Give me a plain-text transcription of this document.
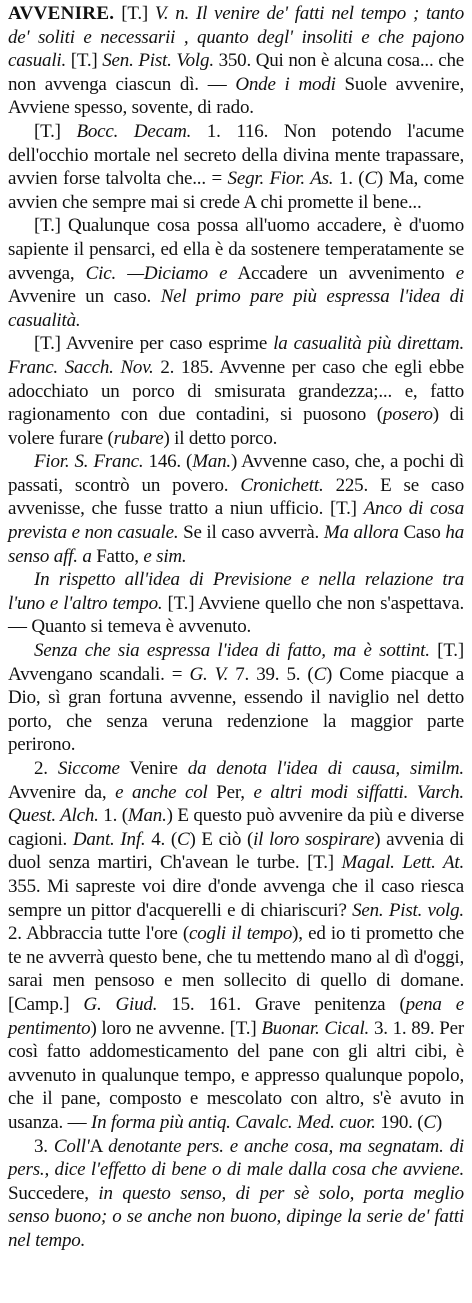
AVVENIRE. [T.] V. n. Il venire de' fatti nel tempo ; tanto de' soliti e necessarii , quanto degl' insoliti e che pajono casuali. [T.] Sen. Pist. Volg. 350. Qui non è alcuna cosa... che non avvenga ciascun dì. — Onde i modi Suole avvenire, Avviene spesso, sovente, di rado.

[T.] Bocc. Decam. 1. 116. Non potendo l'acume dell'occhio mortale nel secreto della divina mente trapassare, avvien forse talvolta che... = Segr. Fior. As. 1. (C) Ma, come avvien che sempre mai si crede A chi promette il bene...

[T.] Qualunque cosa possa all'uomo accadere, è d'uomo sapiente il pensarci, ed ella è da sostenere temperatamente se avvenga, Cic. —Diciamo e Accadere un avvenimento e Avvenire un caso. Nel primo pare più espressa l'idea di casualità.

[T.] Avvenire per caso esprime la casualità più direttam. Franc. Sacch. Nov. 2. 185. Avvenne per caso che egli ebbe adocchiato un porco di smisurata grandezza;... e, fatto ragionamento con due contadini, si puosono (posero) di volere furare (rubare) il detto porco.

Fior. S. Franc. 146. (Man.) Avvenne caso, che, a pochi dì passati, scontrò un povero. Cronichett. 225. E se caso avvenisse, che fusse tratto a niun ufficio. [T.] Anco di cosa prevista e non casuale. Se il caso avverrà. Ma allora Caso ha senso aff. a Fatto, e sim.

In rispetto all'idea di Previsione e nella relazione tra l'uno e l'altro tempo. [T.] Avviene quello che non s'aspettava. — Quanto si temeva è avvenuto.

Senza che sia espressa l'idea di fatto, ma è sottint. [T.] Avvengano scandali. = G. V. 7. 39. 5. (C) Come piacque a Dio, sì gran fortuna avvenne, essendo il naviglio nel detto porto, che senza veruna redenzione la maggior parte perirono.

2. Siccome Venire da denota l'idea di causa, similm. Avvenire da, e anche col Per, e altri modi siffatti. Varch. Quest. Alch. 1. (Man.) E questo può avvenire da più e diverse cagioni. Dant. Inf. 4. (C) E ciò (il loro sospirare) avvenia di duol senza martiri, Ch'avean le turbe. [T.] Magal. Lett. At. 355. Mi sapreste voi dire d'onde avvenga che il caso riesca sempre un pittor d'acquerelli e di chiariscuri? Sen. Pist. volg. 2. Abbraccia tutte l'ore (cogli il tempo), ed io ti prometto che te ne avverrà questo bene, che tu mettendo mano al dì d'oggi, sarai men pensoso e men sollecito di quello di domane. [Camp.] G. Giud. 15. 161. Grave penitenza (pena e pentimento) loro ne avvenne. [T.] Buonar. Cical. 3. 1. 89. Per così fatto addomesticamento del pane con gli altri cibi, è avvenuto in qualunque tempo, e appresso qualunque popolo, che il pane, composto e mescolato con altro, s'è avuto in usanza. — In forma più antiq. Cavalc. Med. cuor. 190. (C)

3. Coll'A denotante pers. e anche cosa, ma segnatam. di pers., dice l'effetto di bene o di male dalla cosa che avviene. Succedere, in questo senso, di per sè solo, porta meglio senso buono; o se anche non buono, dipinge la serie de' fatti nel tempo.
